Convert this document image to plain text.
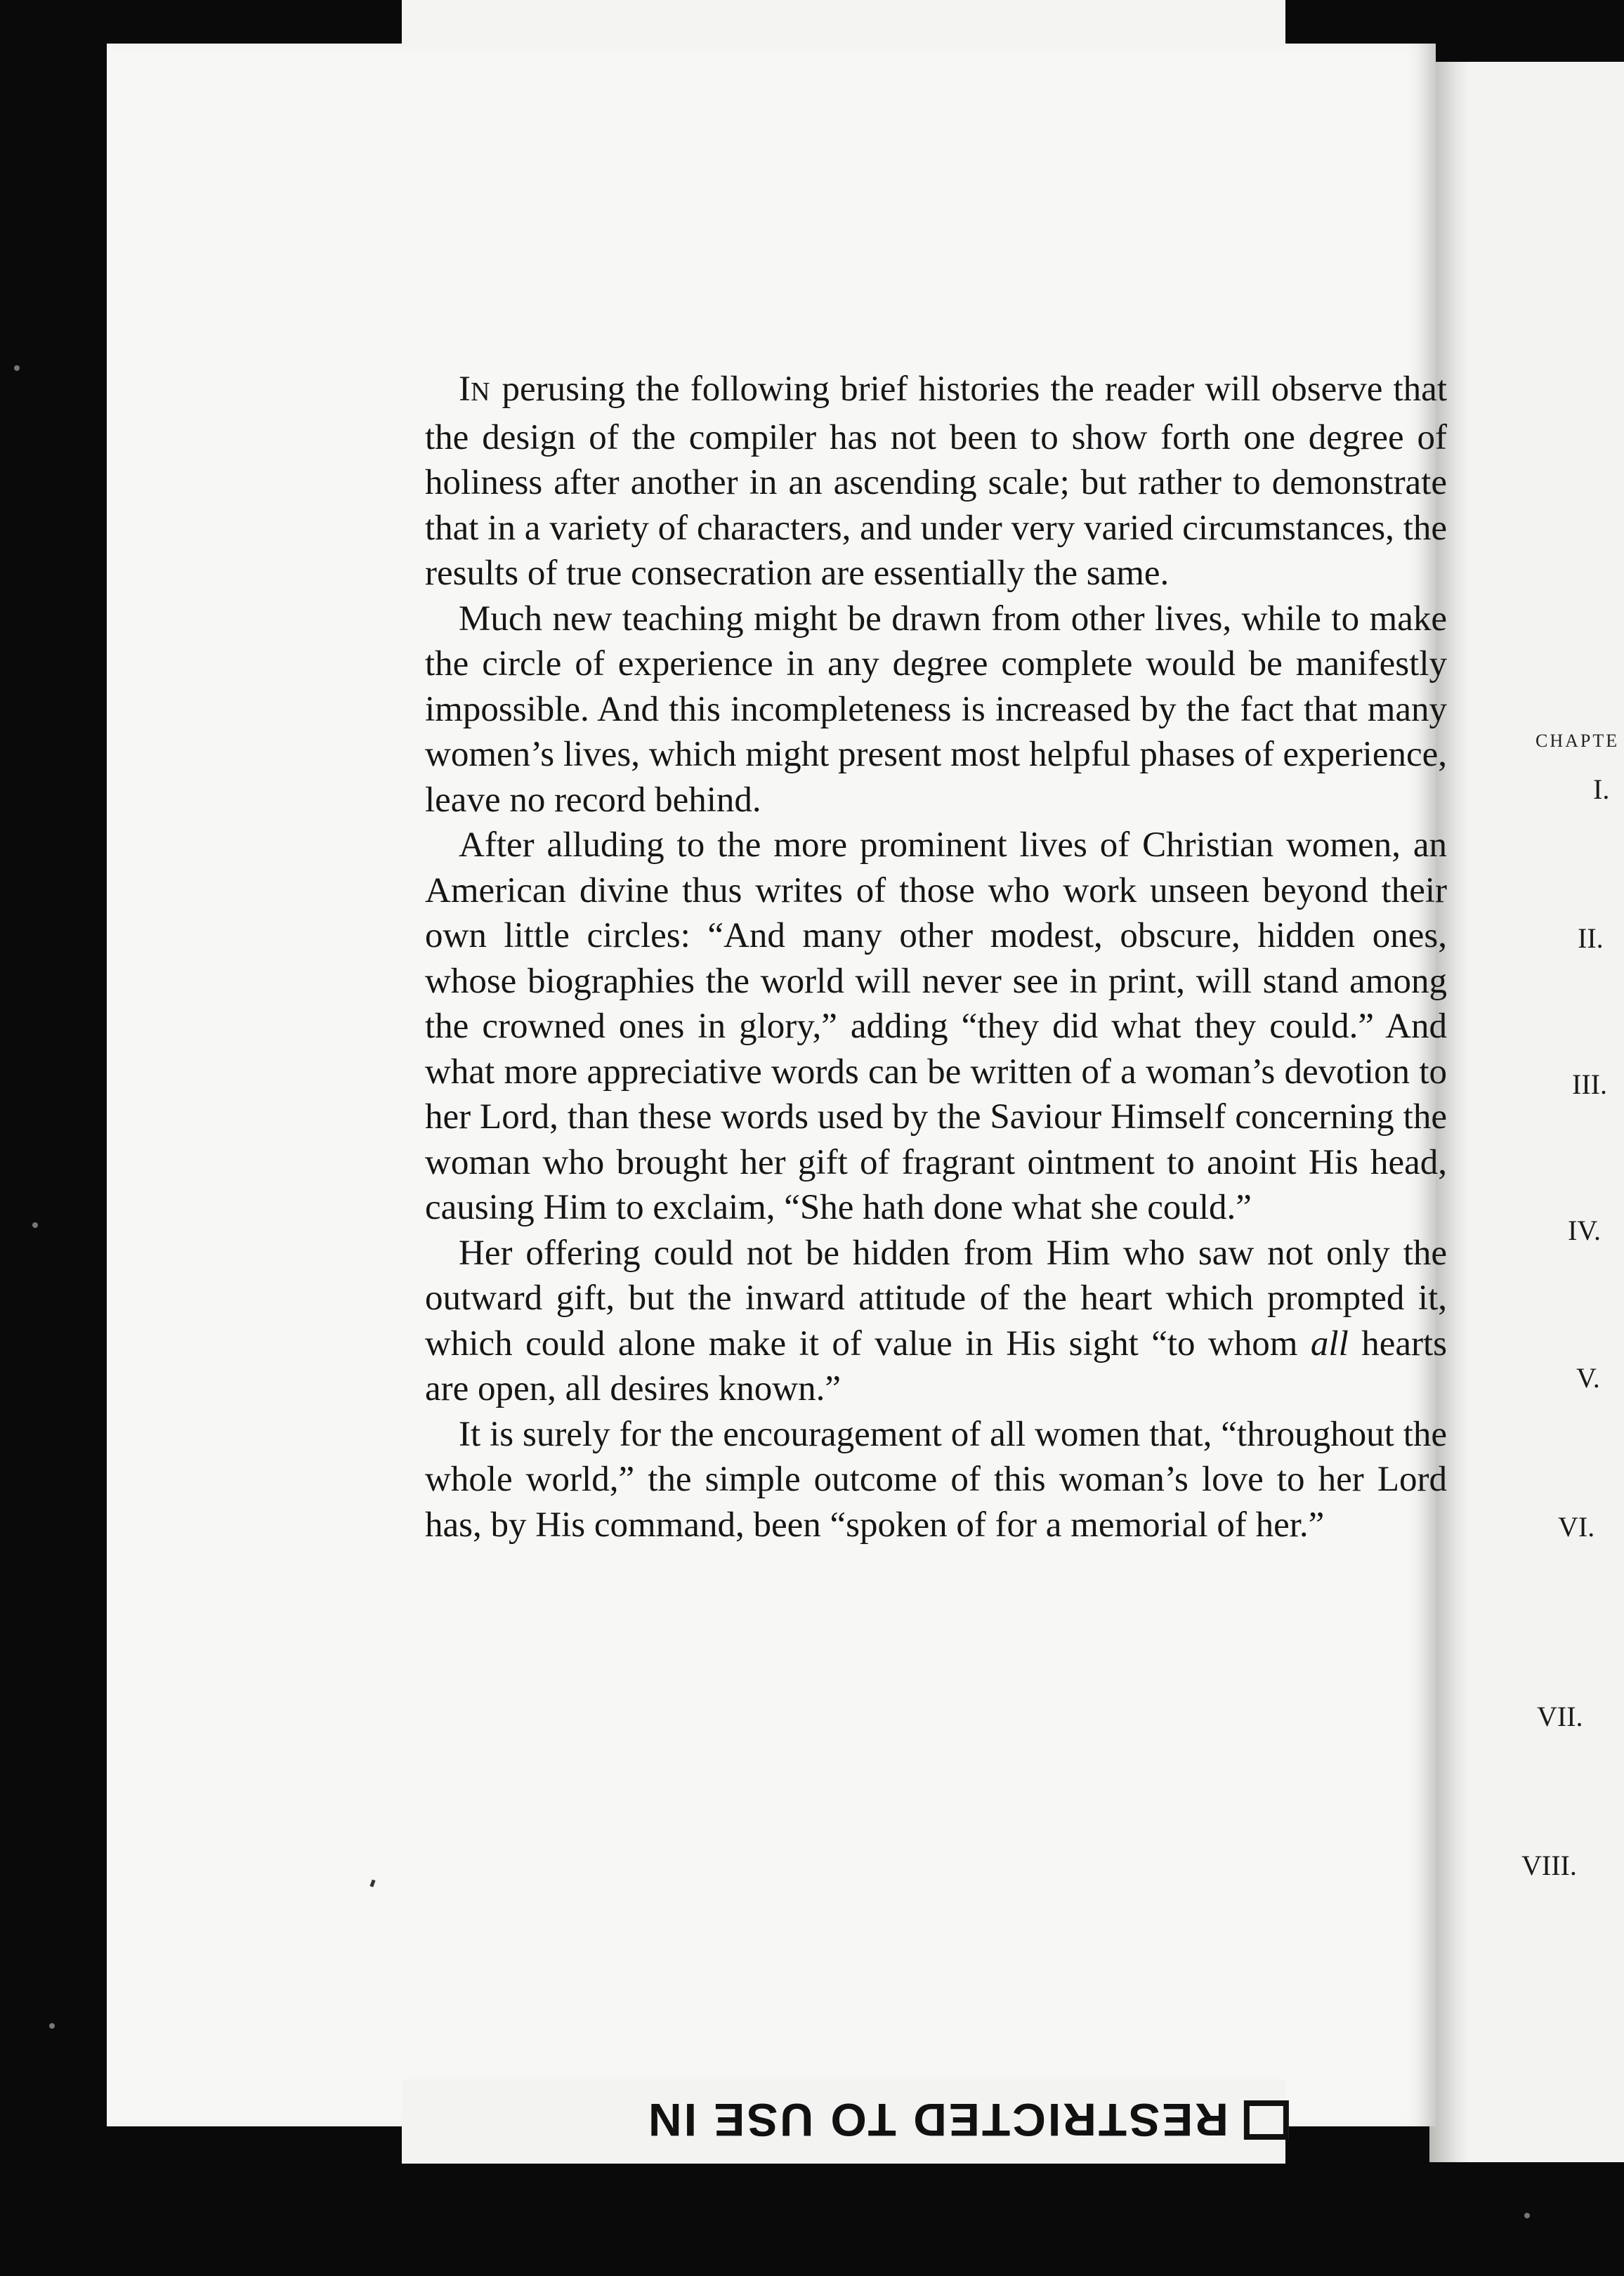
CHAPTE
I.
II.
III.
IV.
V.
VI.
VII.
VIII.

IN perusing the following brief histories the reader will observe that the design of the compiler has not been to show forth one degree of holiness after another in an ascending scale; but rather to demonstrate that in a variety of characters, and under very varied circumstances, the results of true consecration are essentially the same.

Much new teaching might be drawn from other lives, while to make the circle of experience in any degree complete would be manifestly impossible. And this incompleteness is increased by the fact that many women’s lives, which might present most helpful phases of experience, leave no record behind.

After alluding to the more prominent lives of Christian women, an American divine thus writes of those who work unseen beyond their own little circles: “And many other modest, obscure, hidden ones, whose biographies the world will never see in print, will stand among the crowned ones in glory,” adding “they did what they could.” And what more appreciative words can be written of a woman’s devotion to her Lord, than these words used by the Saviour Himself concerning the woman who brought her gift of fragrant ointment to anoint His head, causing Him to exclaim, “She hath done what she could.”

Her offering could not be hidden from Him who saw not only the outward gift, but the inward attitude of the heart which prompted it, which could alone make it of value in His sight “to whom all hearts are open, all desires known.”

It is surely for the encouragement of all women that, “throughout the whole world,” the simple outcome of this woman’s love to her Lord has, by His command, been “spoken of for a memorial of her.”

RESTRICTED TO USE IN
